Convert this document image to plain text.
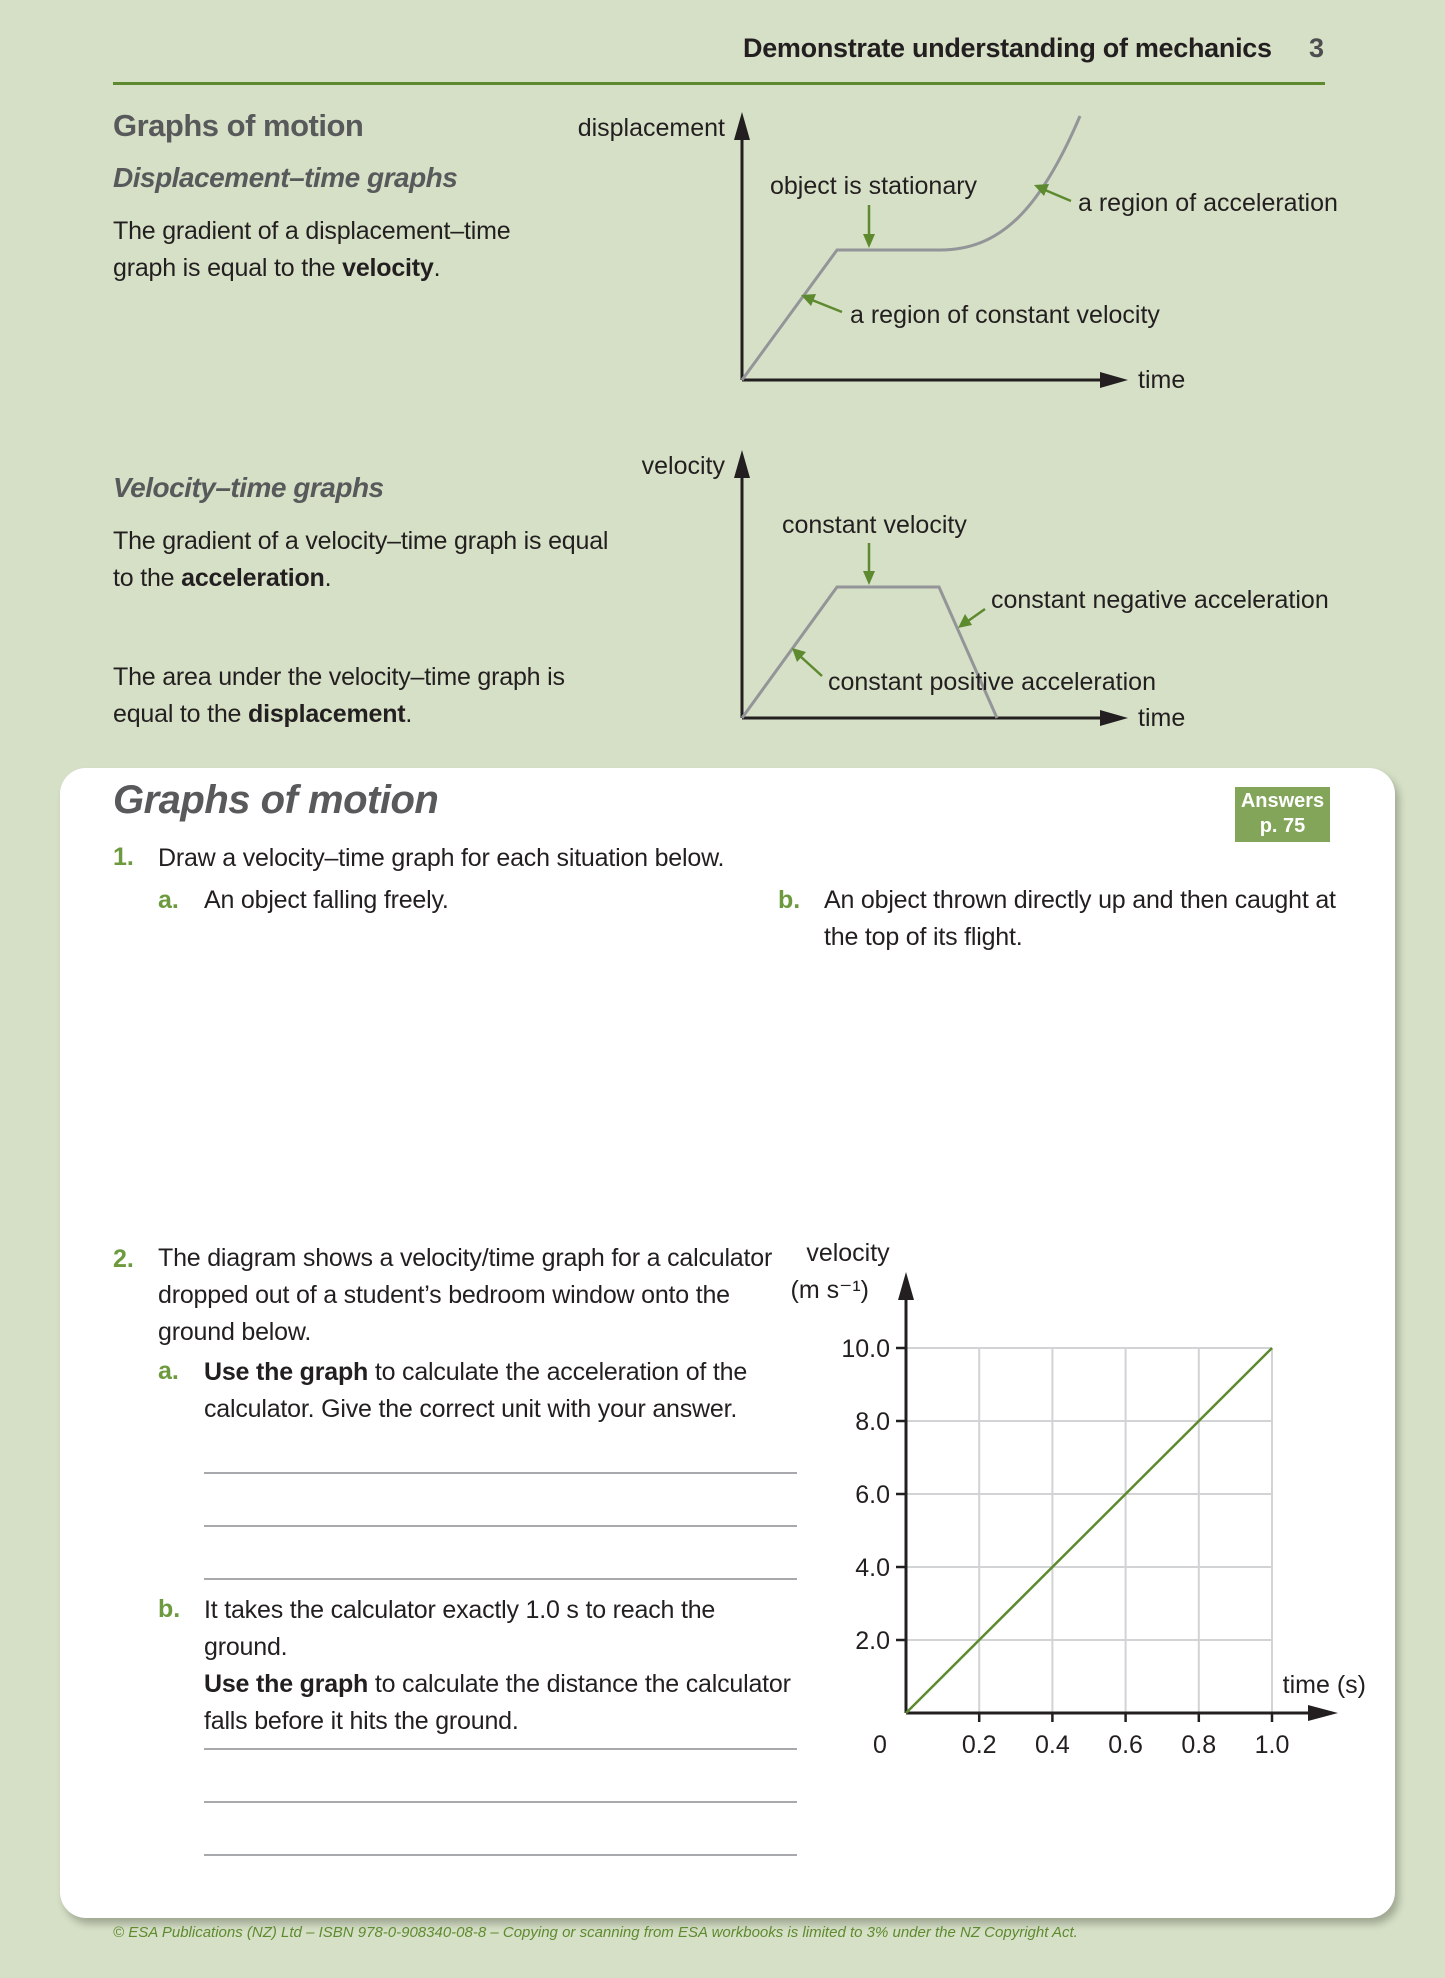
Demonstrate understanding of mechanics 3
Graphs of motion
Displacement–time graphs
The gradient of a displacement–time graph is equal to the velocity.
Velocity–time graphs
The gradient of a velocity–time graph is equal to the acceleration.
The area under the velocity–time graph is equal to the displacement.
displacement
time
object is stationary
a region of acceleration
a region of constant velocity
velocity
time
constant velocity
constant negative acceleration
constant positive acceleration
Graphs of motion	Answers
p. 75
1. Draw a velocity–time graph for each situation below.
a. An object falling freely.	b. An object thrown directly up and then caught at the top of its flight.
2. The diagram shows a velocity/time graph for a calculator dropped out of a student’s bedroom window onto the ground below.
a. Use the graph to calculate the acceleration of the calculator. Give the correct unit with your answer.
b. It takes the calculator exactly 1.0 s to reach the ground.
Use the graph to calculate the distance the calculator falls before it hits the ground.
0.2 0.4 0.6 0.8 1.0
2.0
4.0
6.0
8.0
10.0
velocity
(m s⁻¹)
time (s)
0
© ESA Publications (NZ) Ltd – ISBN 978-0-908340-08-8 – Copying or scanning from ESA workbooks is limited to 3% under the NZ Copyright Act.
